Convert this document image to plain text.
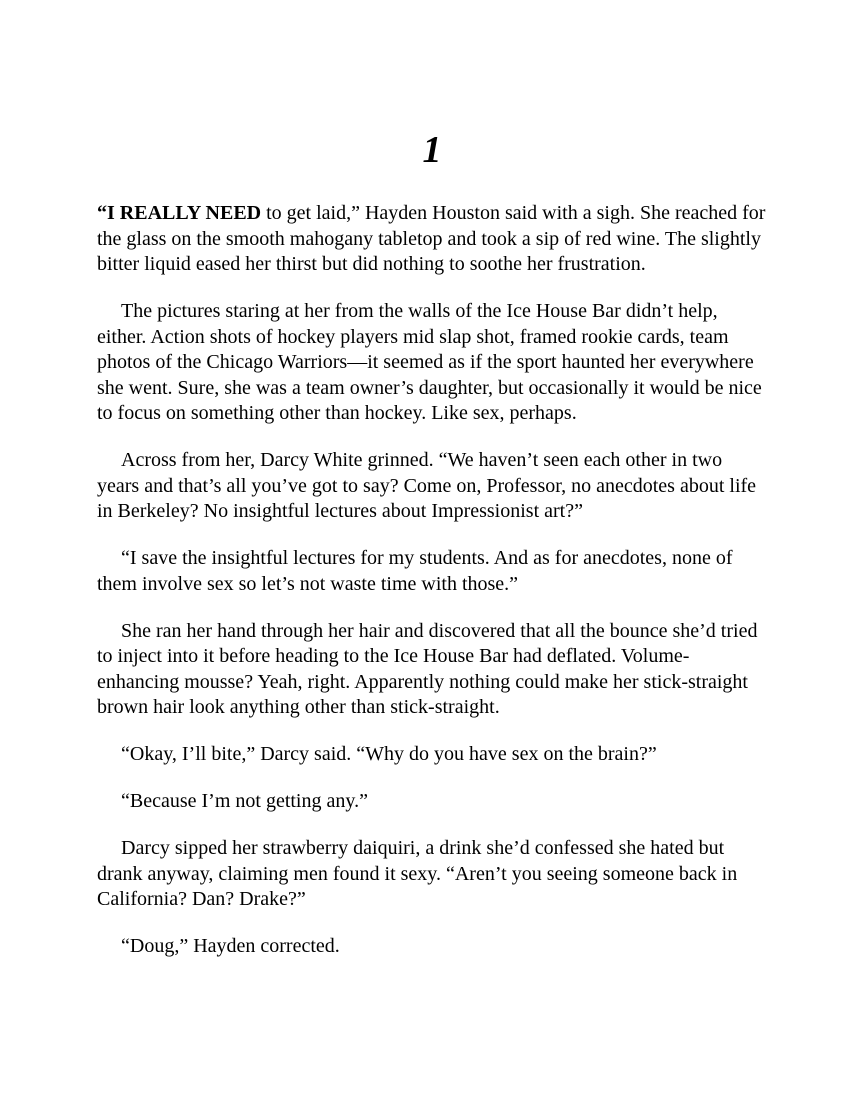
1

“I REALLY NEED to get laid,” Hayden Houston said with a sigh. She reached for the glass on the smooth mahogany tabletop and took a sip of red wine. The slightly bitter liquid eased her thirst but did nothing to soothe her frustration.

The pictures staring at her from the walls of the Ice House Bar didn’t help, either. Action shots of hockey players mid slap shot, framed rookie cards, team photos of the Chicago Warriors—it seemed as if the sport haunted her everywhere she went. Sure, she was a team owner’s daughter, but occasionally it would be nice to focus on something other than hockey. Like sex, perhaps.

Across from her, Darcy White grinned. “We haven’t seen each other in two years and that’s all you’ve got to say? Come on, Professor, no anecdotes about life in Berkeley? No insightful lectures about Impressionist art?”

“I save the insightful lectures for my students. And as for anecdotes, none of them involve sex so let’s not waste time with those.”

She ran her hand through her hair and discovered that all the bounce she’d tried to inject into it before heading to the Ice House Bar had deflated. Volume-enhancing mousse? Yeah, right. Apparently nothing could make her stick-straight brown hair look anything other than stick-straight.

“Okay, I’ll bite,” Darcy said. “Why do you have sex on the brain?”

“Because I’m not getting any.”

Darcy sipped her strawberry daiquiri, a drink she’d confessed she hated but drank anyway, claiming men found it sexy. “Aren’t you seeing someone back in California? Dan? Drake?”

“Doug,” Hayden corrected.
